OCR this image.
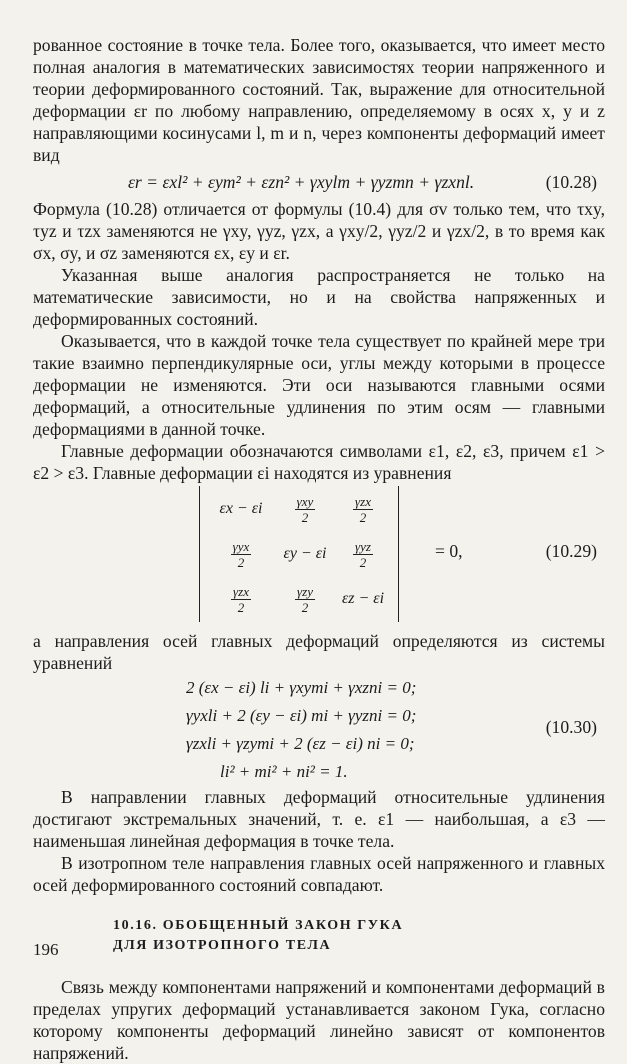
рованное состояние в точке тела. Более того, оказывается, что имеет место полная аналогия в математических зависимостях теории напряженного и теории деформированного состояний. Так, выражение для относительной деформации εr по любому направлению, определяемому в осях x, y и z направляющими косинусами l, m и n, через компоненты деформаций имеет вид

εr = εxl² + εym² + εzn² + γxylm + γyzmn + γzxnl.	(10.28)

Формула (10.28) отличается от формулы (10.4) для σv только тем, что τxy, τyz и τzx заменяются не γxy, γyz, γzx, а γxy/2, γyz/2 и γzx/2, в то время как σx, σy, и σz заменяются εx, εy и εr.

Указанная выше аналогия распространяется не только на математические зависимости, но и на свойства напряженных и деформированных состояний.

Оказывается, что в каждой точке тела существует по крайней мере три такие взаимно перпендикулярные оси, углы между которыми в процессе деформации не изменяются. Эти оси называются главными осями деформаций, а относительные удлинения по этим осям — главными деформациями в данной точке.

Главные деформации обозначаются символами ε1, ε2, ε3, причем ε1 > ε2 > ε3. Главные деформации εi находятся из уравнения

εx − εi	$\frac{\text{γxy}}{2}$	$\frac{\text{γzx}}{2}$
$\frac{\text{γyx}}{2}$	εy − εi	$\frac{\text{γyz}}{2}$
$\frac{\text{γzx}}{2}$	$\frac{\text{γzy}}{2}$	εz − εi
= 0,	(10.29)

а направления осей главных деформаций определяются из системы уравнений

2 (εx − εi) li + γxymi + γxzni = 0;
γyxli + 2 (εy − εi) mi + γyzni = 0;
γzxli + γzymi + 2 (εz − εi) ni = 0;
li² + mi² + ni² = 1.
(10.30)

В направлении главных деформаций относительные удлинения достигают экстремальных значений, т. е. ε1 — наибольшая, а ε3 — наименьшая линейная деформация в точке тела.

В изотропном теле направления главных осей напряженного и главных осей деформированного состояний совпадают.

10.16. ОБОБЩЕННЫЙ ЗАКОН ГУКА
ДЛЯ ИЗОТРОПНОГО ТЕЛА

Связь между компонентами напряжений и компонентами деформаций в пределах упругих деформаций устанавливается законом Гука, согласно которому компоненты деформаций линейно зависят от компонентов напряжений.

196
